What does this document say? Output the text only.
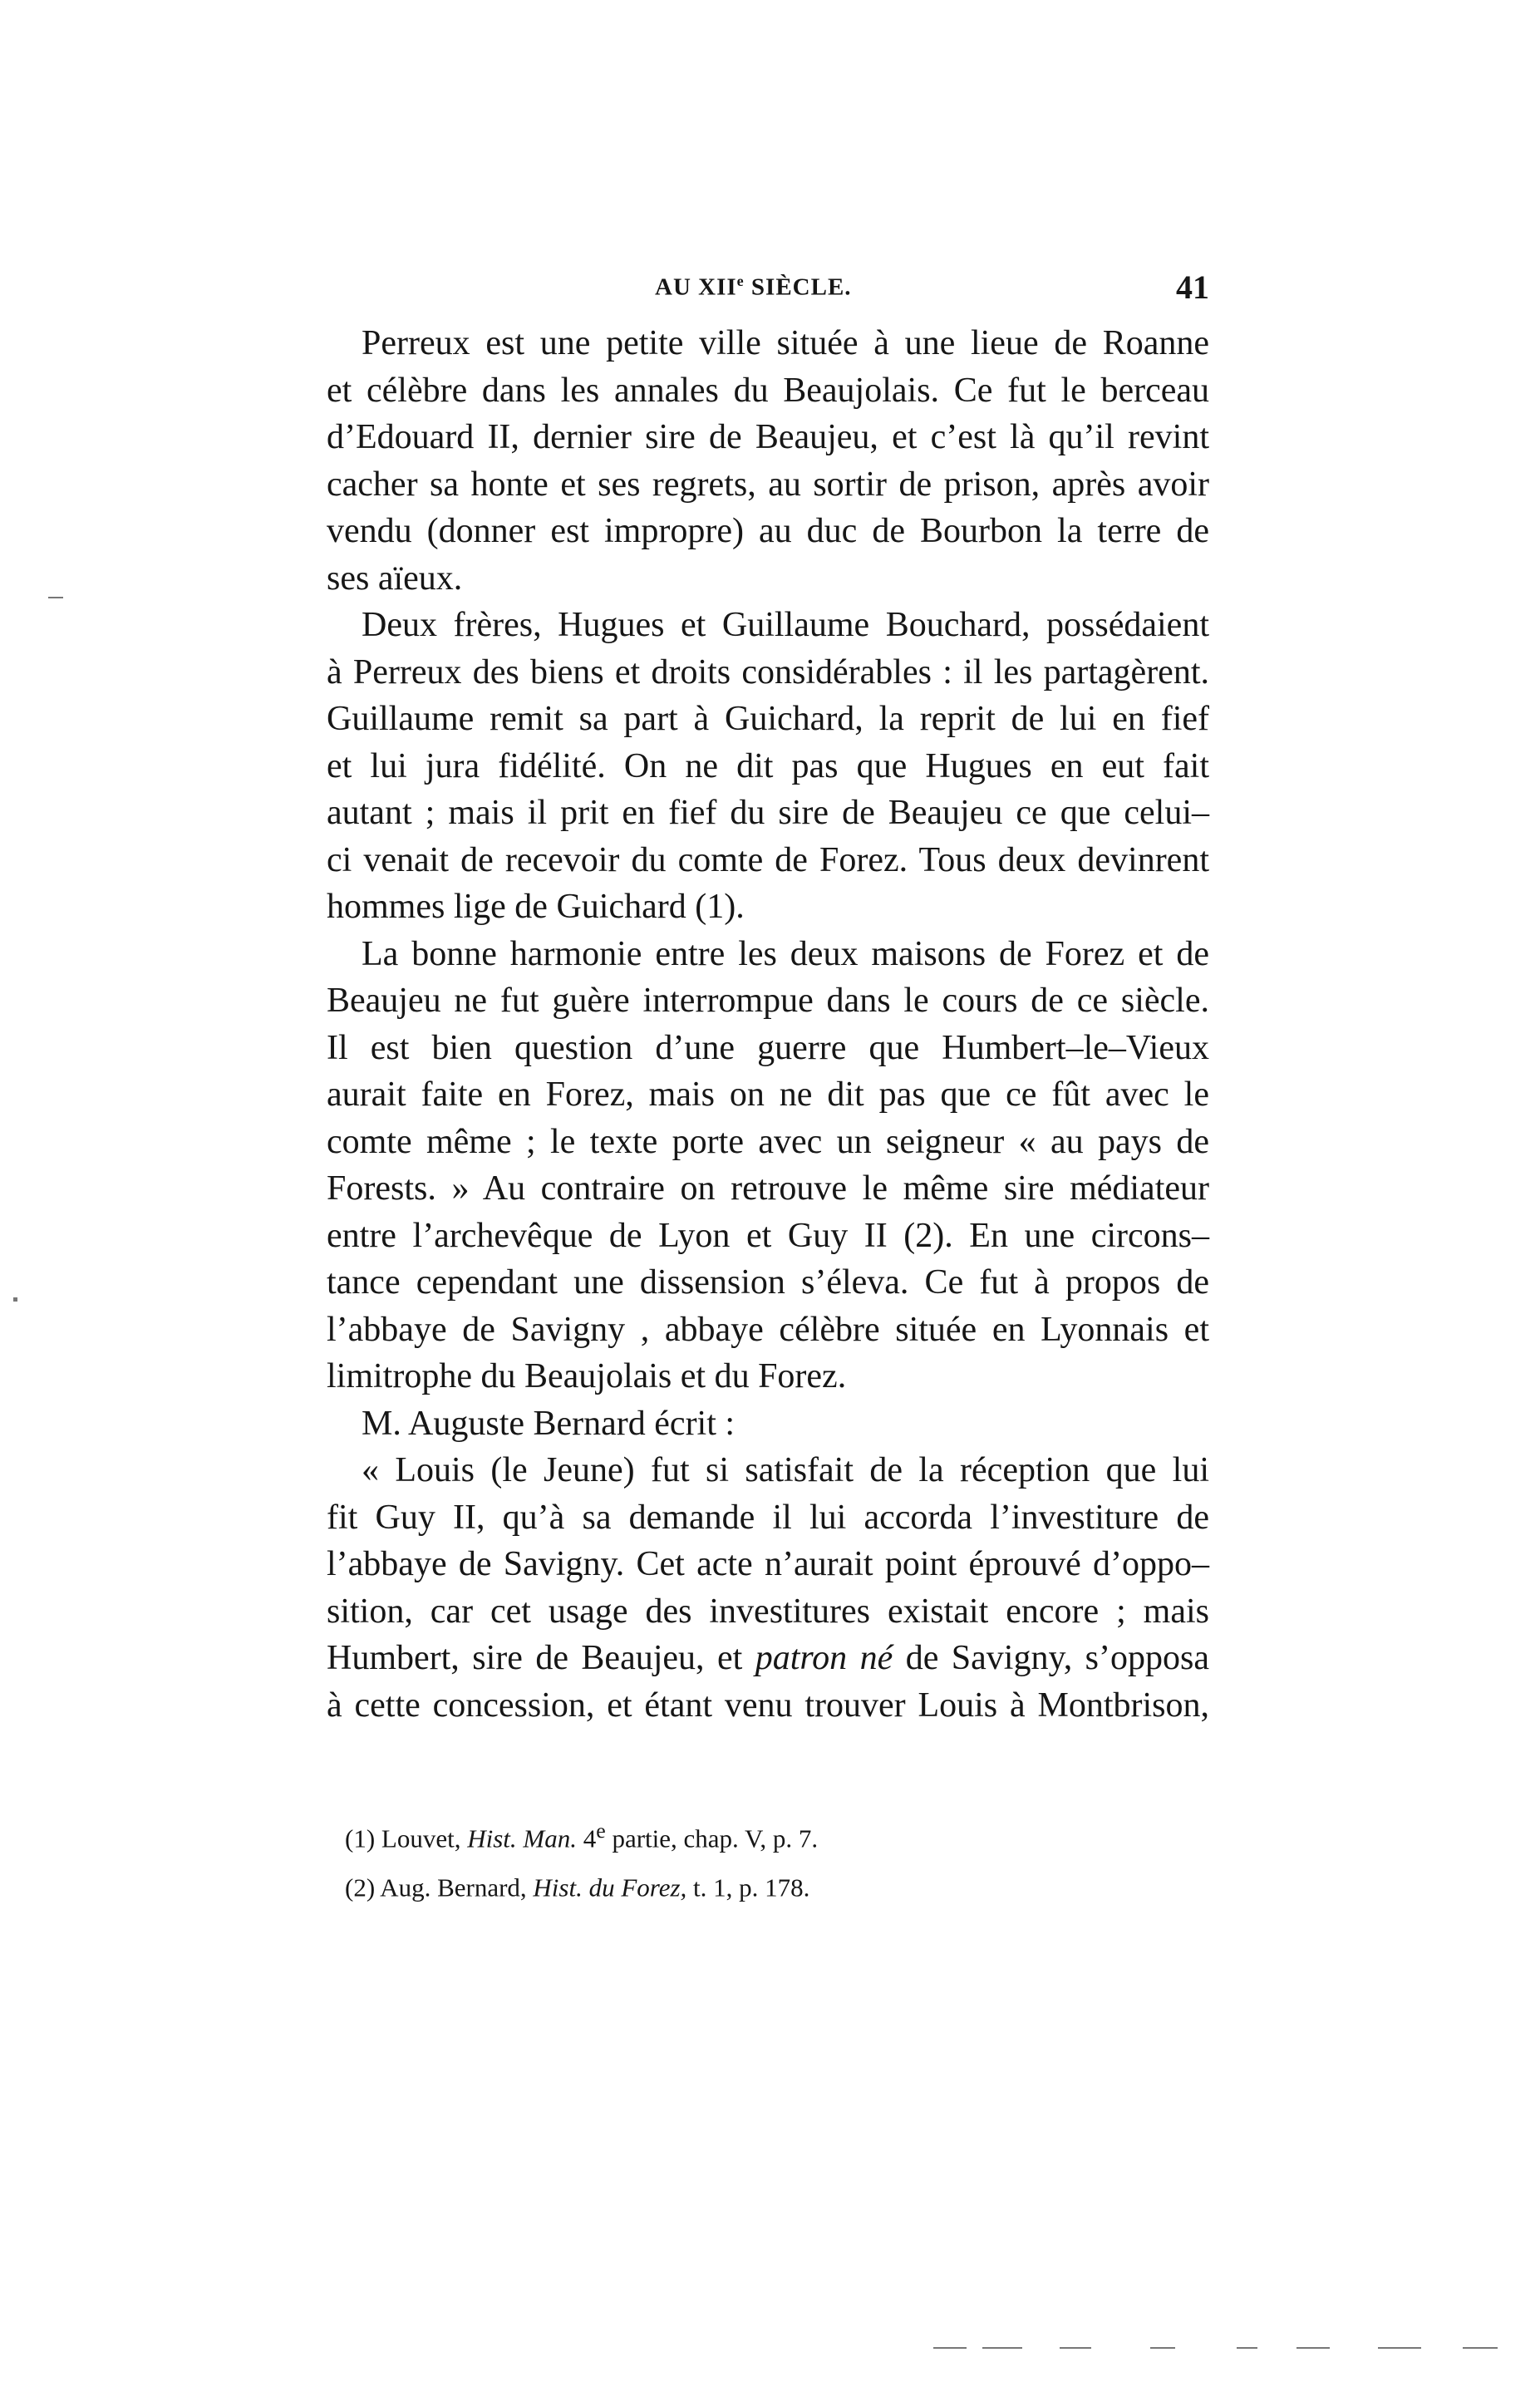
AU XIIe SIÈCLE.	41

Perreux est une petite ville située à une lieue de Roanne
et célèbre dans les annales du Beaujolais. Ce fut le berceau
d’Edouard II, dernier sire de Beaujeu, et c’est là qu’il revint
cacher sa honte et ses regrets, au sortir de prison, après avoir
vendu (donner est impropre) au duc de Bourbon la terre de
ses aïeux.

Deux frères, Hugues et Guillaume Bouchard, possédaient
à Perreux des biens et droits considérables : il les partagèrent.
Guillaume remit sa part à Guichard, la reprit de lui en fief
et lui jura fidélité. On ne dit pas que Hugues en eut fait
autant ; mais il prit en fief du sire de Beaujeu ce que celui–
ci venait de recevoir du comte de Forez. Tous deux devinrent
hommes lige de Guichard (1).

La bonne harmonie entre les deux maisons de Forez et de
Beaujeu ne fut guère interrompue dans le cours de ce siècle.
Il est bien question d’une guerre que Humbert–le–Vieux
aurait faite en Forez, mais on ne dit pas que ce fût avec le
comte même ; le texte porte avec un seigneur « au pays de
Forests. » Au contraire on retrouve le même sire médiateur
entre l’archevêque de Lyon et Guy II (2). En une circons–
tance cependant une dissension s’éleva. Ce fut à propos de
l’abbaye de Savigny , abbaye célèbre située en Lyonnais et
limitrophe du Beaujolais et du Forez.

M. Auguste Bernard écrit :

« Louis (le Jeune) fut si satisfait de la réception que lui
fit Guy II, qu’à sa demande il lui accorda l’investiture de
l’abbaye de Savigny. Cet acte n’aurait point éprouvé d’oppo–
sition, car cet usage des investitures existait encore ; mais
Humbert, sire de Beaujeu, et patron né de Savigny, s’opposa
à cette concession, et étant venu trouver Louis à Montbrison,

(1) Louvet, Hist. Man. 4e partie, chap. V, p. 7.

(2) Aug. Bernard, Hist. du Forez, t. 1, p. 178.
